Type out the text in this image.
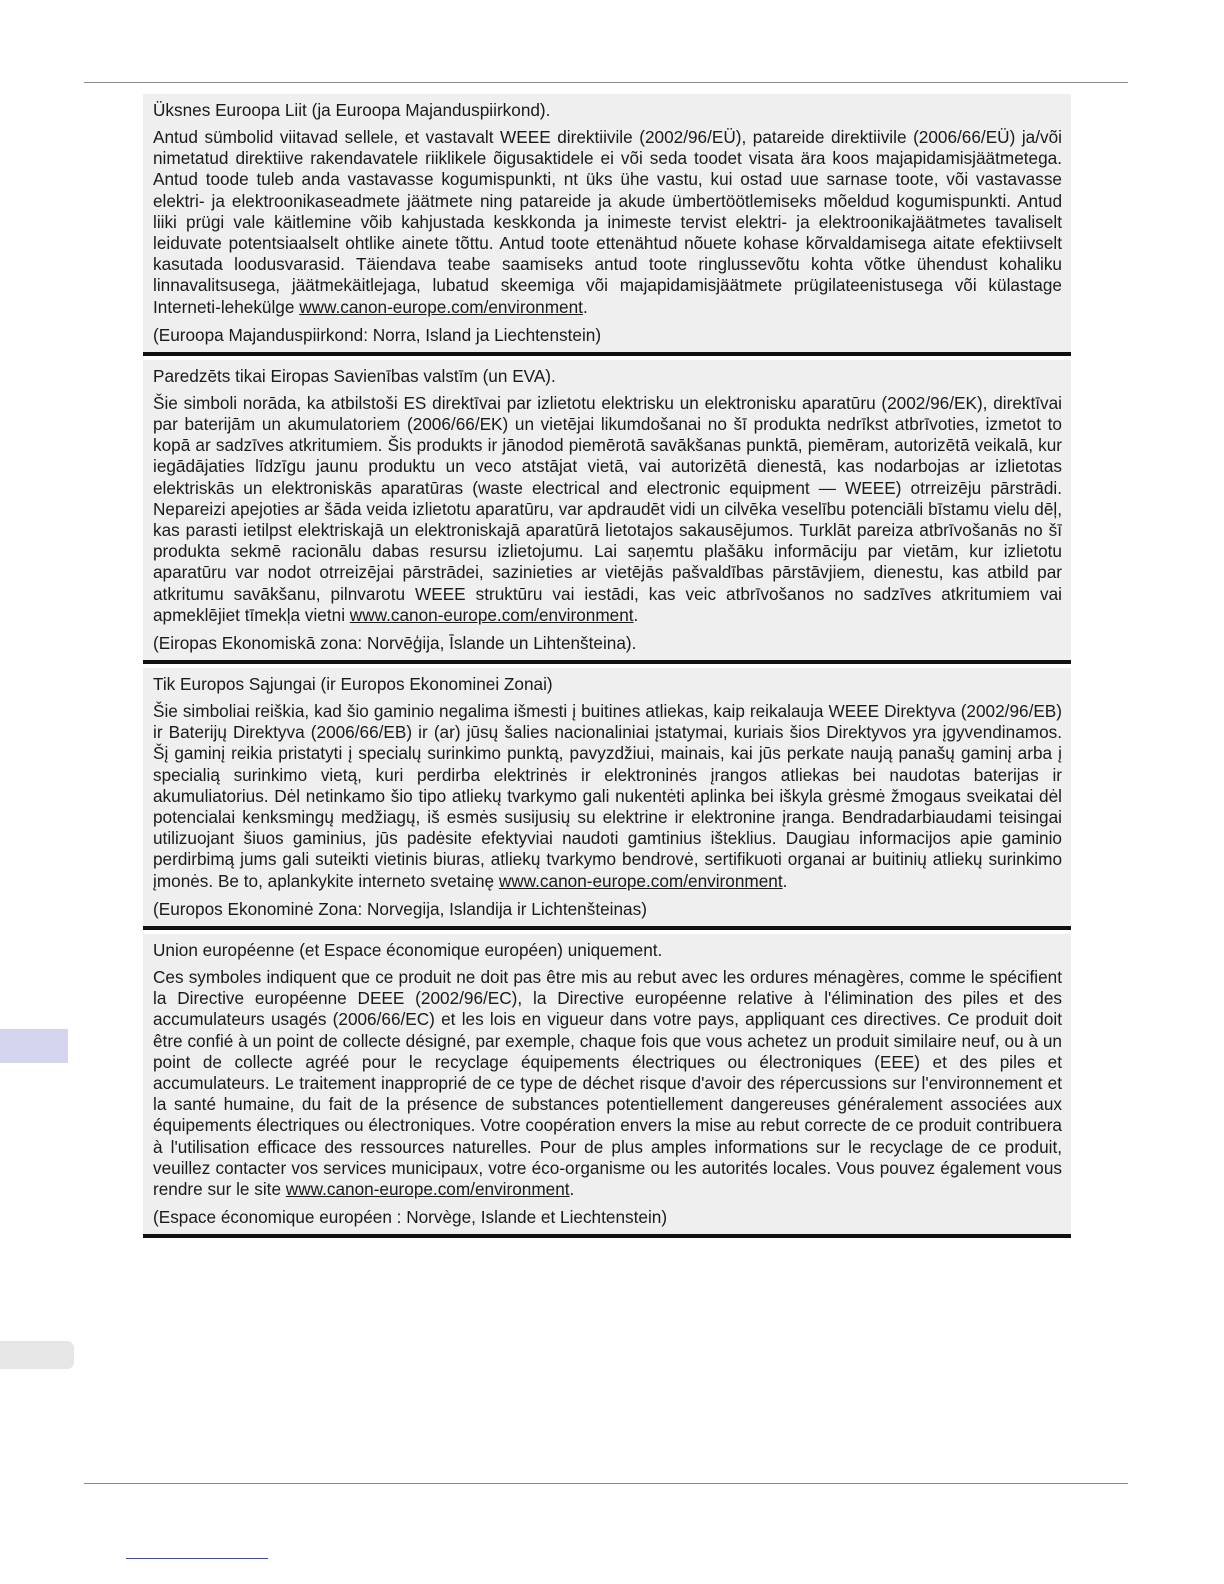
Üksnes Euroopa Liit (ja Euroopa Majanduspiirkond).

Antud sümbolid viitavad sellele, et vastavalt WEEE direktiivile (2002/96/EÜ), patareide direktiivile (2006/66/EÜ) ja/või nimetatud direktiive rakendavatele riiklikele õigusaktidele ei või seda toodet visata ära koos majapidamisjäätmetega. Antud toode tuleb anda vastavasse kogumispunkti, nt üks ühe vastu, kui ostad uue sarnase toote, või vastavasse elektri- ja elektroonikaseadmete jäätmete ning patareide ja akude ümbertöötlemiseks mõeldud kogumispunkti. Antud liiki prügi vale käitlemine võib kahjustada keskkonda ja inimeste tervist elektri- ja elektroonikajäätmetes tavaliselt leiduvate potentsiaalselt ohtlike ainete tõttu. Antud toote ettenähtud nõuete kohase kõrvaldamisega aitate efektiivselt kasutada loodusvarasid. Täiendava teabe saamiseks antud toote ringlussevõtu kohta võtke ühendust kohaliku linnavalitsusega, jäätmekäitlejaga, lubatud skeemiga või majapidamisjäätmete prügilateenistusega või külastage Interneti-lehekülge www.canon-europe.com/environment.

(Euroopa Majanduspiirkond: Norra, Island ja Liechtenstein)

Paredzēts tikai Eiropas Savienības valstīm (un EVA).

Šie simboli norāda, ka atbilstoši ES direktīvai par izlietotu elektrisku un elektronisku aparatūru (2002/96/EK), direktīvai par baterijām un akumulatoriem (2006/66/EK) un vietējai likumdošanai no šī produkta nedrīkst atbrīvoties, izmetot to kopā ar sadzīves atkritumiem. Šis produkts ir jānodod piemērotā savākšanas punktā, piemēram, autorizētā veikalā, kur iegādājaties līdzīgu jaunu produktu un veco atstājat vietā, vai autorizētā dienestā, kas nodarbojas ar izlietotas elektriskās un elektroniskās aparatūras (waste electrical and electronic equipment — WEEE) otrreizēju pārstrādi. Nepareizi apejoties ar šāda veida izlietotu aparatūru, var apdraudēt vidi un cilvēka veselību potenciāli bīstamu vielu dēļ, kas parasti ietilpst elektriskajā un elektroniskajā aparatūrā lietotajos sakausējumos. Turklāt pareiza atbrīvošanās no šī produkta sekmē racionālu dabas resursu izlietojumu. Lai saņemtu plašāku informāciju par vietām, kur izlietotu aparatūru var nodot otrreizējai pārstrādei, sazinieties ar vietējās pašvaldības pārstāvjiem, dienestu, kas atbild par atkritumu savākšanu, pilnvarotu WEEE struktūru vai iestādi, kas veic atbrīvošanos no sadzīves atkritumiem vai apmeklējiet tīmekļa vietni www.canon-europe.com/environment.

(Eiropas Ekonomiskā zona: Norvēģija, Īslande un Lihtenšteina).

Tik Europos Sąjungai (ir Europos Ekonominei Zonai)

Šie simboliai reiškia, kad šio gaminio negalima išmesti į buitines atliekas, kaip reikalauja WEEE Direktyva (2002/96/EB) ir Baterijų Direktyva (2006/66/EB) ir (ar) jūsų šalies nacionaliniai įstatymai, kuriais šios Direktyvos yra įgyvendinamos. Šį gaminį reikia pristatyti į specialų surinkimo punktą, pavyzdžiui, mainais, kai jūs perkate naują panašų gaminį arba į specialią surinkimo vietą, kuri perdirba elektrinės ir elektroninės įrangos atliekas bei naudotas baterijas ir akumuliatorius. Dėl netinkamo šio tipo atliekų tvarkymo gali nukentėti aplinka bei iškyla grėsmė žmogaus sveikatai dėl potencialai kenksmingų medžiagų, iš esmės susijusių su elektrine ir elektronine įranga. Bendradarbiaudami teisingai utilizuojant šiuos gaminius, jūs padėsite efektyviai naudoti gamtinius išteklius. Daugiau informacijos apie gaminio perdirbimą jums gali suteikti vietinis biuras, atliekų tvarkymo bendrovė, sertifikuoti organai ar buitinių atliekų surinkimo įmonės. Be to, aplankykite interneto svetainę www.canon-europe.com/environment.

(Europos Ekonominė Zona: Norvegija, Islandija ir Lichtenšteinas)

Union européenne (et Espace économique européen) uniquement.

Ces symboles indiquent que ce produit ne doit pas être mis au rebut avec les ordures ménagères, comme le spécifient la Directive européenne DEEE (2002/96/EC), la Directive européenne relative à l'élimination des piles et des accumulateurs usagés (2006/66/EC) et les lois en vigueur dans votre pays, appliquant ces directives. Ce produit doit être confié à un point de collecte désigné, par exemple, chaque fois que vous achetez un produit similaire neuf, ou à un point de collecte agréé pour le recyclage équipements électriques ou électroniques (EEE) et des piles et accumulateurs. Le traitement inapproprié de ce type de déchet risque d'avoir des répercussions sur l'environnement et la santé humaine, du fait de la présence de substances potentiellement dangereuses généralement associées aux équipements électriques ou électroniques. Votre coopération envers la mise au rebut correcte de ce produit contribuera à l'utilisation efficace des ressources naturelles. Pour de plus amples informations sur le recyclage de ce produit, veuillez contacter vos services municipaux, votre éco-organisme ou les autorités locales. Vous pouvez également vous rendre sur le site www.canon-europe.com/environment.

(Espace économique européen : Norvège, Islande et Liechtenstein)
